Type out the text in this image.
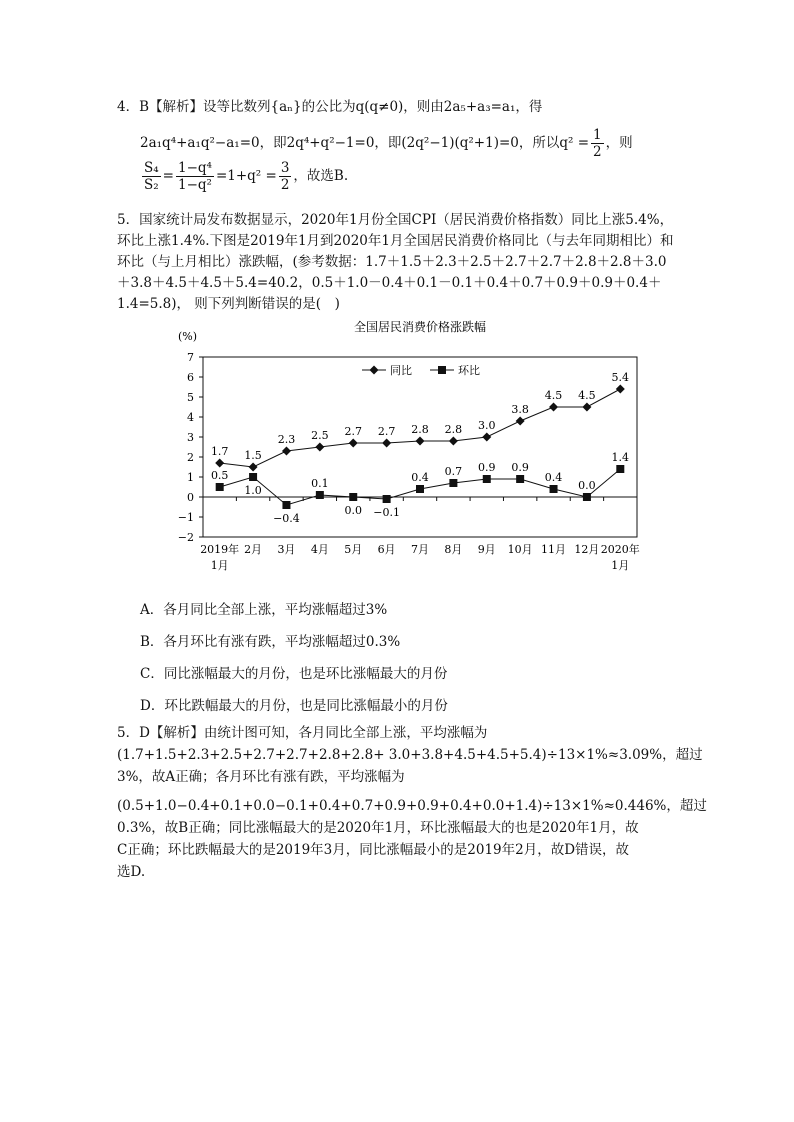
4．B【解析】设等比数列{aₙ}的公比为q(q≠0)，则由2a₅+a₃=a₁，得
2a₁q⁴+a₁q²−a₁=0，即2q⁴+q²−1=0，即(2q²−1)(q²+1)=0，所以$q^2 = \frac{1}{2}$ ，则
$\frac{\text{S₄}}{\text{S₂}} = \frac{\text{1−q⁴}}{\text{1−q²}} =1+q^2 = \frac{3}{2}$ ，故选B.
5．国家统计局发布数据显示，2020年1月份全国CPI（居民消费价格指数）同比上涨5.4%，环比上涨1.4%.下图是2019年1月到2020年1月全国居民消费价格同比（与去年同期相比）和环比（与上月相比）涨跌幅，(参考数据：1.7＋1.5＋2.3＋2.5＋2.7＋2.7＋2.8＋2.8＋3.0＋3.8＋4.5＋4.5＋5.4=40.2，0.5＋1.0－0.4＋0.1－0.1＋0.4＋0.7＋0.9＋0.9＋0.4＋1.4=5.8)， 则下列判断错误的是(　)
全国居民消费价格涨跌幅
(%)
7
6
5
4
3
2
1
0
−1
−2
2019年 2月 3月 4月 5月 6月 7月 8月 9月 10月 11月 12月 2020年
1月	1月
1.7 1.5
2.3 2.5 2.7 2.7 2.8 2.8 3.0
3.8
4.5 4.5
5.4
0.5
1.0
−0.4
0.1
0.0 −0.1
0.4 0.7 0.9 0.9
0.4
0.0
1.4
同比	环比
A．各月同比全部上涨，平均涨幅超过3%
B．各月环比有涨有跌，平均涨幅超过0.3%
C．同比涨幅最大的月份，也是环比涨幅最大的月份
D．环比跌幅最大的月份，也是同比涨幅最小的月份
5．D【解析】由统计图可知，各月同比全部上涨，平均涨幅为
(1.7+1.5+2.3+2.5+2.7+2.7+2.8+2.8+ 3.0+3.8+4.5+4.5+5.4)÷13×1%≈3.09%，超过
3%，故A正确；各月环比有涨有跌，平均涨幅为
(0.5+1.0−0.4+0.1+0.0−0.1+0.4+0.7+0.9+0.9+0.4+0.0+1.4)÷13×1%≈0.446%，超过
0.3%，故B正确；同比涨幅最大的是2020年1月，环比涨幅最大的也是2020年1月，故
C正确；环比跌幅最大的是2019年3月，同比涨幅最小的是2019年2月，故D错误，故
选D.
